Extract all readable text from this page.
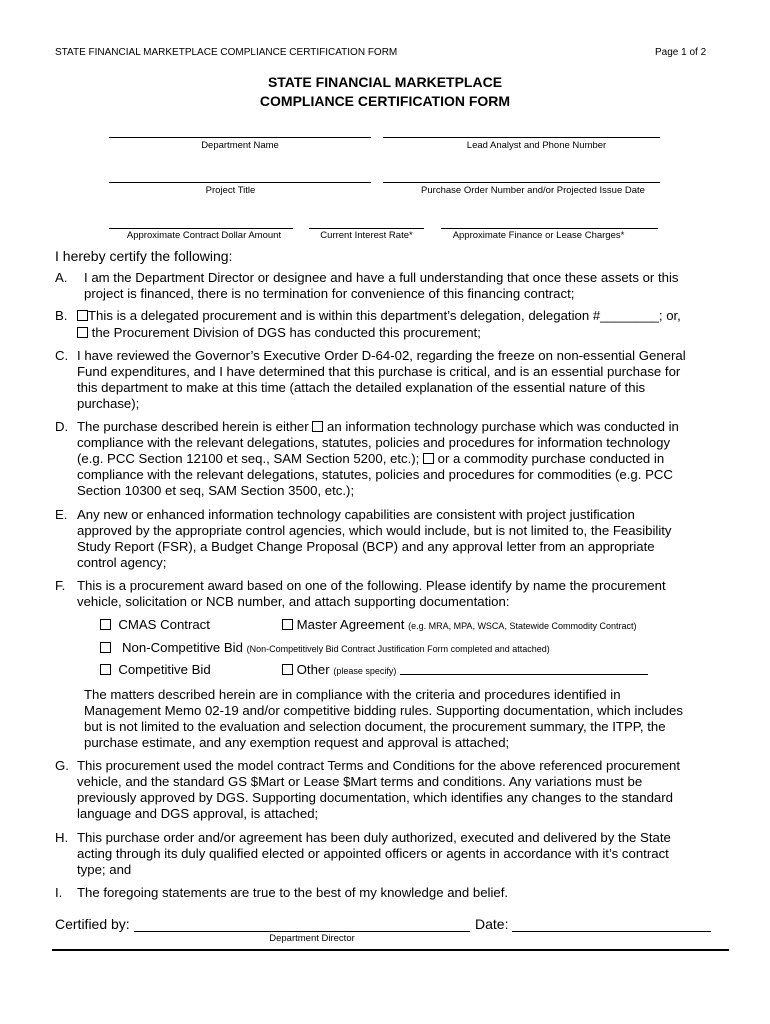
STATE FINANCIAL MARKETPLACE COMPLIANCE CERTIFICATION FORM	Page 1 of 2
STATE FINANCIAL MARKETPLACE
COMPLIANCE CERTIFICATION FORM
Department Name	Lead Analyst and Phone Number
Project Title	Purchase Order Number and/or Projected Issue Date
Approximate Contract Dollar Amount	Current Interest Rate*	Approximate Finance or Lease Charges*
I hereby certify the following:
A. I am the Department Director or designee and have a full understanding that once these assets or this
project is financed, there is no termination for convenience of this financing contract;
B.	This is a delegated procurement and is within this department’s delegation, delegation #________; or,
the Procurement Division of DGS has conducted this procurement;
C. I have reviewed the Governor’s Executive Order D-64-02, regarding the freeze on non-essential General
Fund expenditures, and I have determined that this purchase is critical, and is an essential purchase for
this department to make at this time (attach the detailed explanation of the essential nature of this
purchase);
D. The purchase described herein is either an information technology purchase which was conducted in
compliance with the relevant delegations, statutes, policies and procedures for information technology
(e.g. PCC Section 12100 et seq., SAM Section 5200, etc.); or a commodity purchase conducted in
compliance with the relevant delegations, statutes, policies and procedures for commodities (e.g. PCC
Section 10300 et seq, SAM Section 3500, etc.);
E. Any new or enhanced information technology capabilities are consistent with project justification
approved by the appropriate control agencies, which would include, but is not limited to, the Feasibility
Study Report (FSR), a Budget Change Proposal (BCP) and any approval letter from an appropriate
control agency;
F. This is a procurement award based on one of the following. Please identify by name the procurement
vehicle, solicitation or NCB number, and attach supporting documentation:
CMAS Contract	Master Agreement (e.g. MRA, MPA, WSCA, Statewide Commodity Contract)
Non-Competitive Bid (Non-Competitively Bid Contract Justification Form completed and attached)
Competitive Bid	Other (please specify)
The matters described herein are in compliance with the criteria and procedures identified in
Management Memo 02-19 and/or competitive bidding rules. Supporting documentation, which includes
but is not limited to the evaluation and selection document, the procurement summary, the ITPP, the
purchase estimate, and any exemption request and approval is attached;
G. This procurement used the model contract Terms and Conditions for the above referenced procurement
vehicle, and the standard GS $Mart or Lease $Mart terms and conditions. Any variations must be
previously approved by DGS. Supporting documentation, which identifies any changes to the standard
language and DGS approval, is attached;
H. This purchase order and/or agreement has been duly authorized, executed and delivered by the State
acting through its duly qualified elected or appointed officers or agents in accordance with it’s contract
type; and
I. The foregoing statements are true to the best of my knowledge and belief.
Certified by:
Department Director
Date:
